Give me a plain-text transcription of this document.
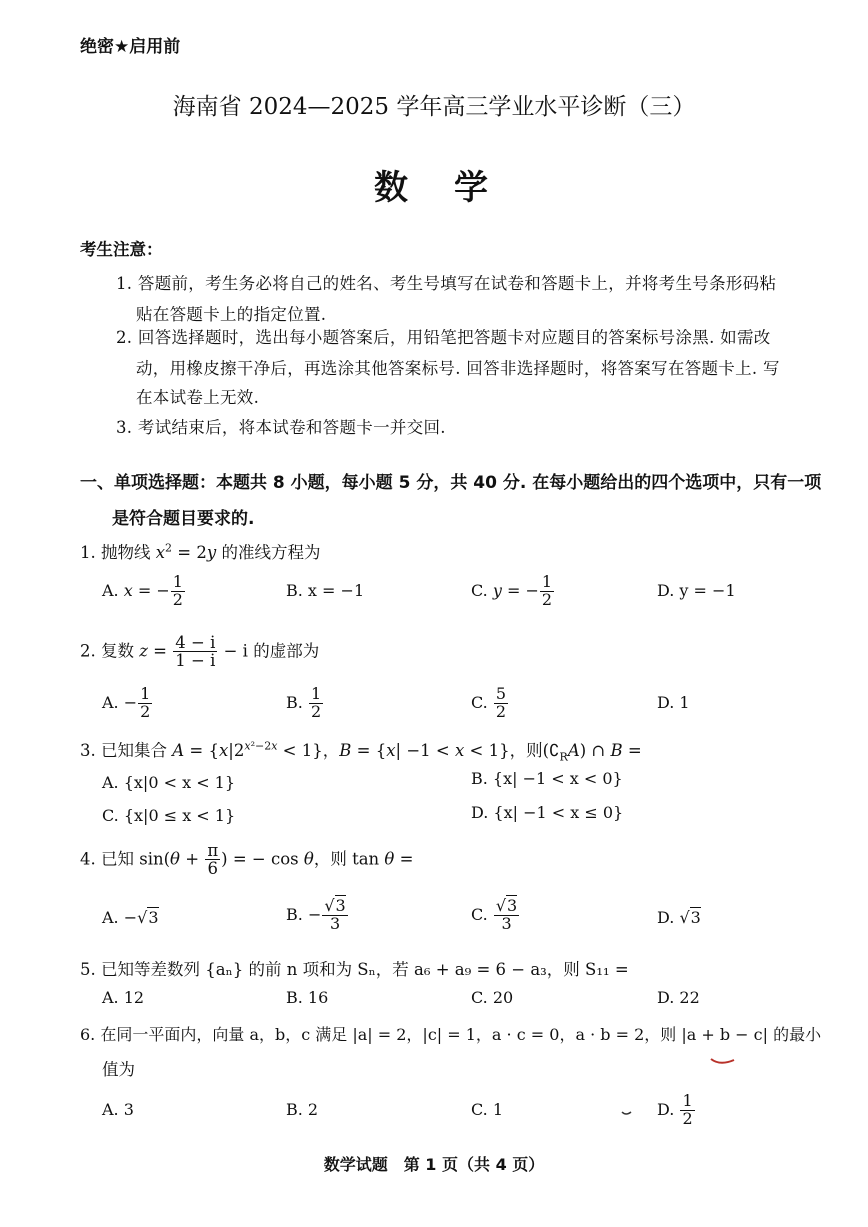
绝密★启用前
海南省 2024—2025 学年高三学业水平诊断（三）
数　学
考生注意：
1. 答题前，考生务必将自己的姓名、考生号填写在试卷和答题卡上，并将考生号条形码粘
贴在答题卡上的指定位置.
2. 回答选择题时，选出每小题答案后，用铅笔把答题卡对应题目的答案标号涂黑. 如需改
动，用橡皮擦干净后，再选涂其他答案标号. 回答非选择题时，将答案写在答题卡上. 写
在本试卷上无效.
3. 考试结束后，将本试卷和答题卡一并交回.
一、单项选择题：本题共 8 小题，每小题 5 分，共 40 分. 在每小题给出的四个选项中，只有一项
是符合题目要求的.
1. 抛物线 $x^2 = 2y$ 的准线方程为
A. x = − $\frac{1}{2}$	B. x = −1	C. y = − $\frac{1}{2}$	D. y = −1
2. 复数 $z = \frac{4 - i}{1 - i} - i$ 的虚部为
A. − $\frac{1}{2}$	B. $\frac{1}{2}$	C. $\frac{5}{2}$	D. 1
3. 已知集合 $A = \{x|2^{x^2-2x} < 1\}$，B = {x| −1 < x < 1}，则$(∁_RA)$ ∩ B =
A. {x|0 < x < 1}	B. {x| −1 < x < 0}
C. {x|0 ≤ x < 1}	D. {x| −1 < x ≤ 0}
4. 已知 $\sin(\theta + \frac{\pi}{6}$ ) = − cos θ，则 tan θ =
A. −√3	B. − $\frac{√3}{3}$	C. $\frac{√3}{3}$	D. √3
5. 已知等差数列 {aₙ} 的前 n 项和为 Sₙ，若 a₆ + a₉ = 6 − a₃，则 S₁₁ =
A. 12	B. 16	C. 20	D. 22
6. 在同一平面内，向量 a，b，c 满足 |a| = 2，|c| = 1，a · c = 0，a · b = 2，则 |a + b − c| 的最小
值为
A. 3	B. 2	C. 1	D. $\frac{1}{2}$
数学试题　第 1 页（共 4 页）
